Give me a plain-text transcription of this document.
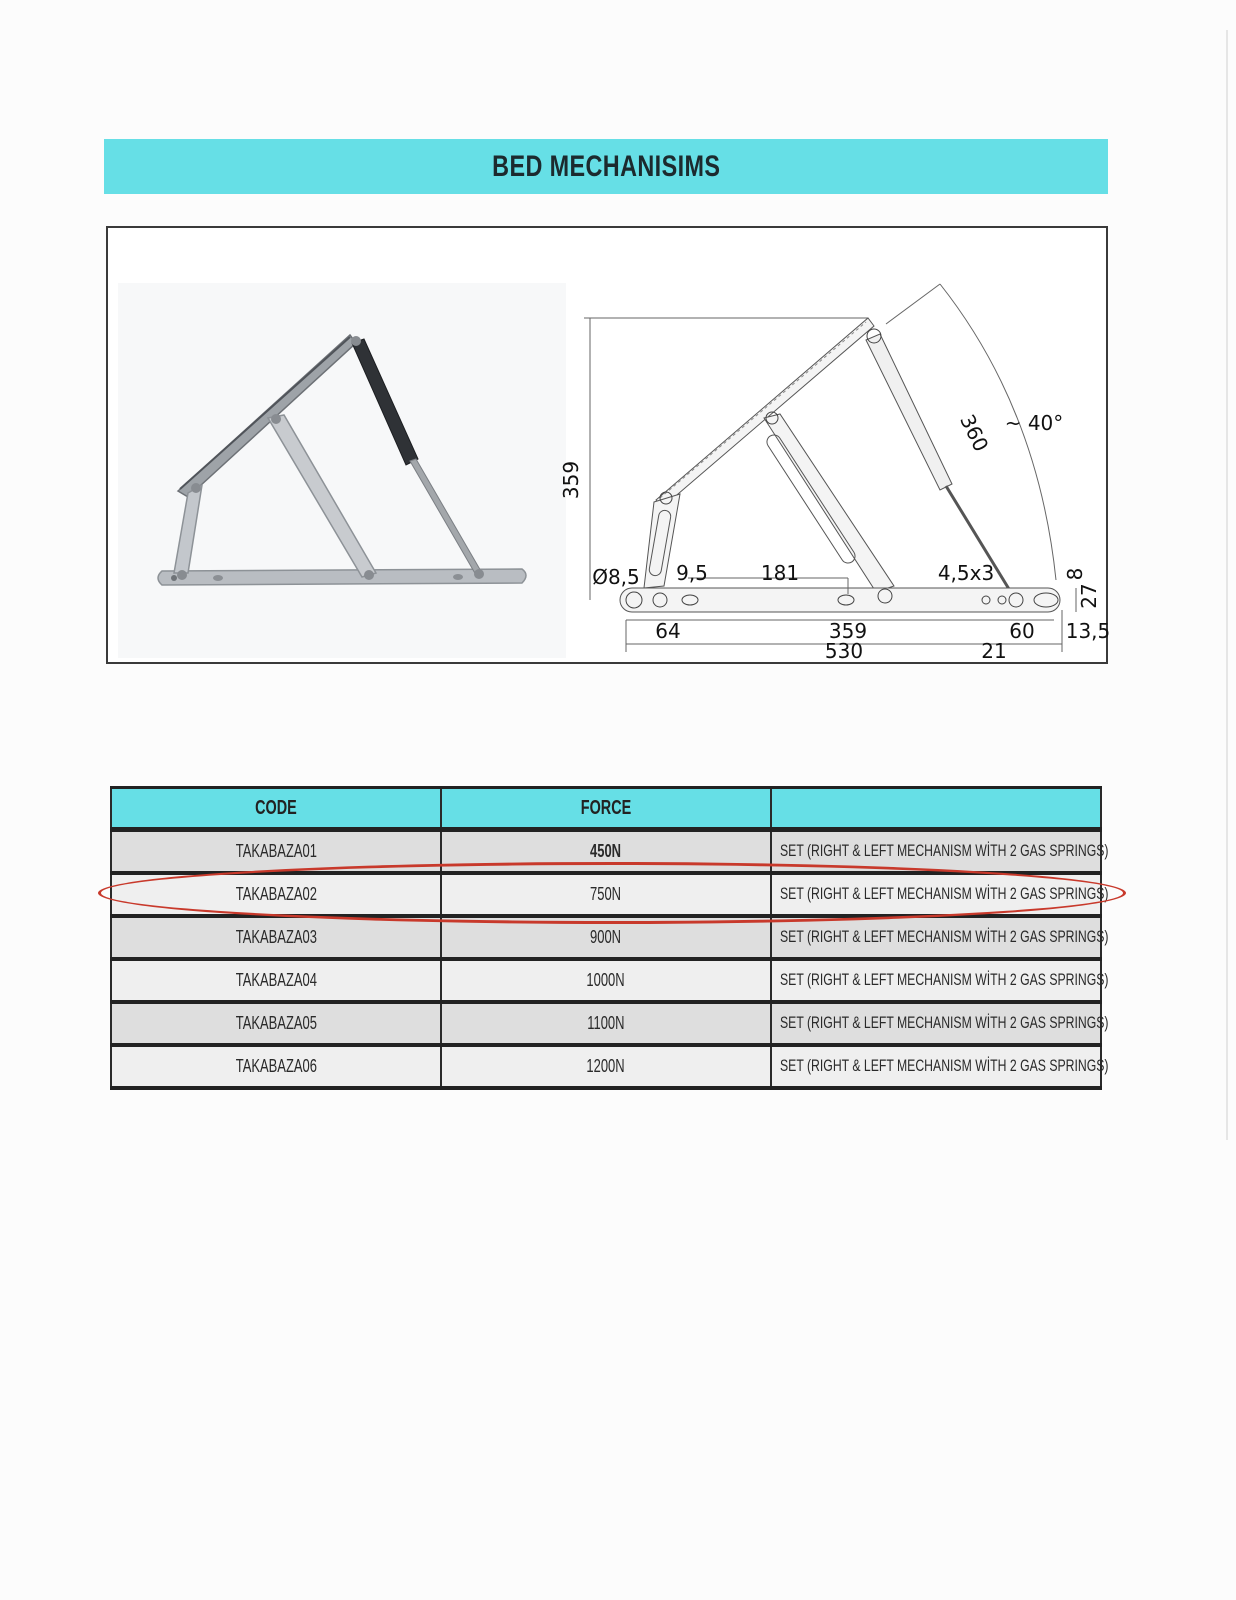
BED MECHANISIMS
359
360 ~ 40°
Ø8,5 9,5	181	4,5x3	8
27
64	359	60 13,5
530	21
CODE	FORCE	
TAKABAZA01	450N	SET (RIGHT & LEFT MECHANISM WİTH 2 GAS SPRINGS)
TAKABAZA02	750N	SET (RIGHT & LEFT MECHANISM WİTH 2 GAS SPRINGS)
TAKABAZA03	900N	SET (RIGHT & LEFT MECHANISM WİTH 2 GAS SPRINGS)
TAKABAZA04	1000N	SET (RIGHT & LEFT MECHANISM WİTH 2 GAS SPRINGS)
TAKABAZA05	1100N	SET (RIGHT & LEFT MECHANISM WİTH 2 GAS SPRINGS)
TAKABAZA06	1200N	SET (RIGHT & LEFT MECHANISM WİTH 2 GAS SPRINGS)
